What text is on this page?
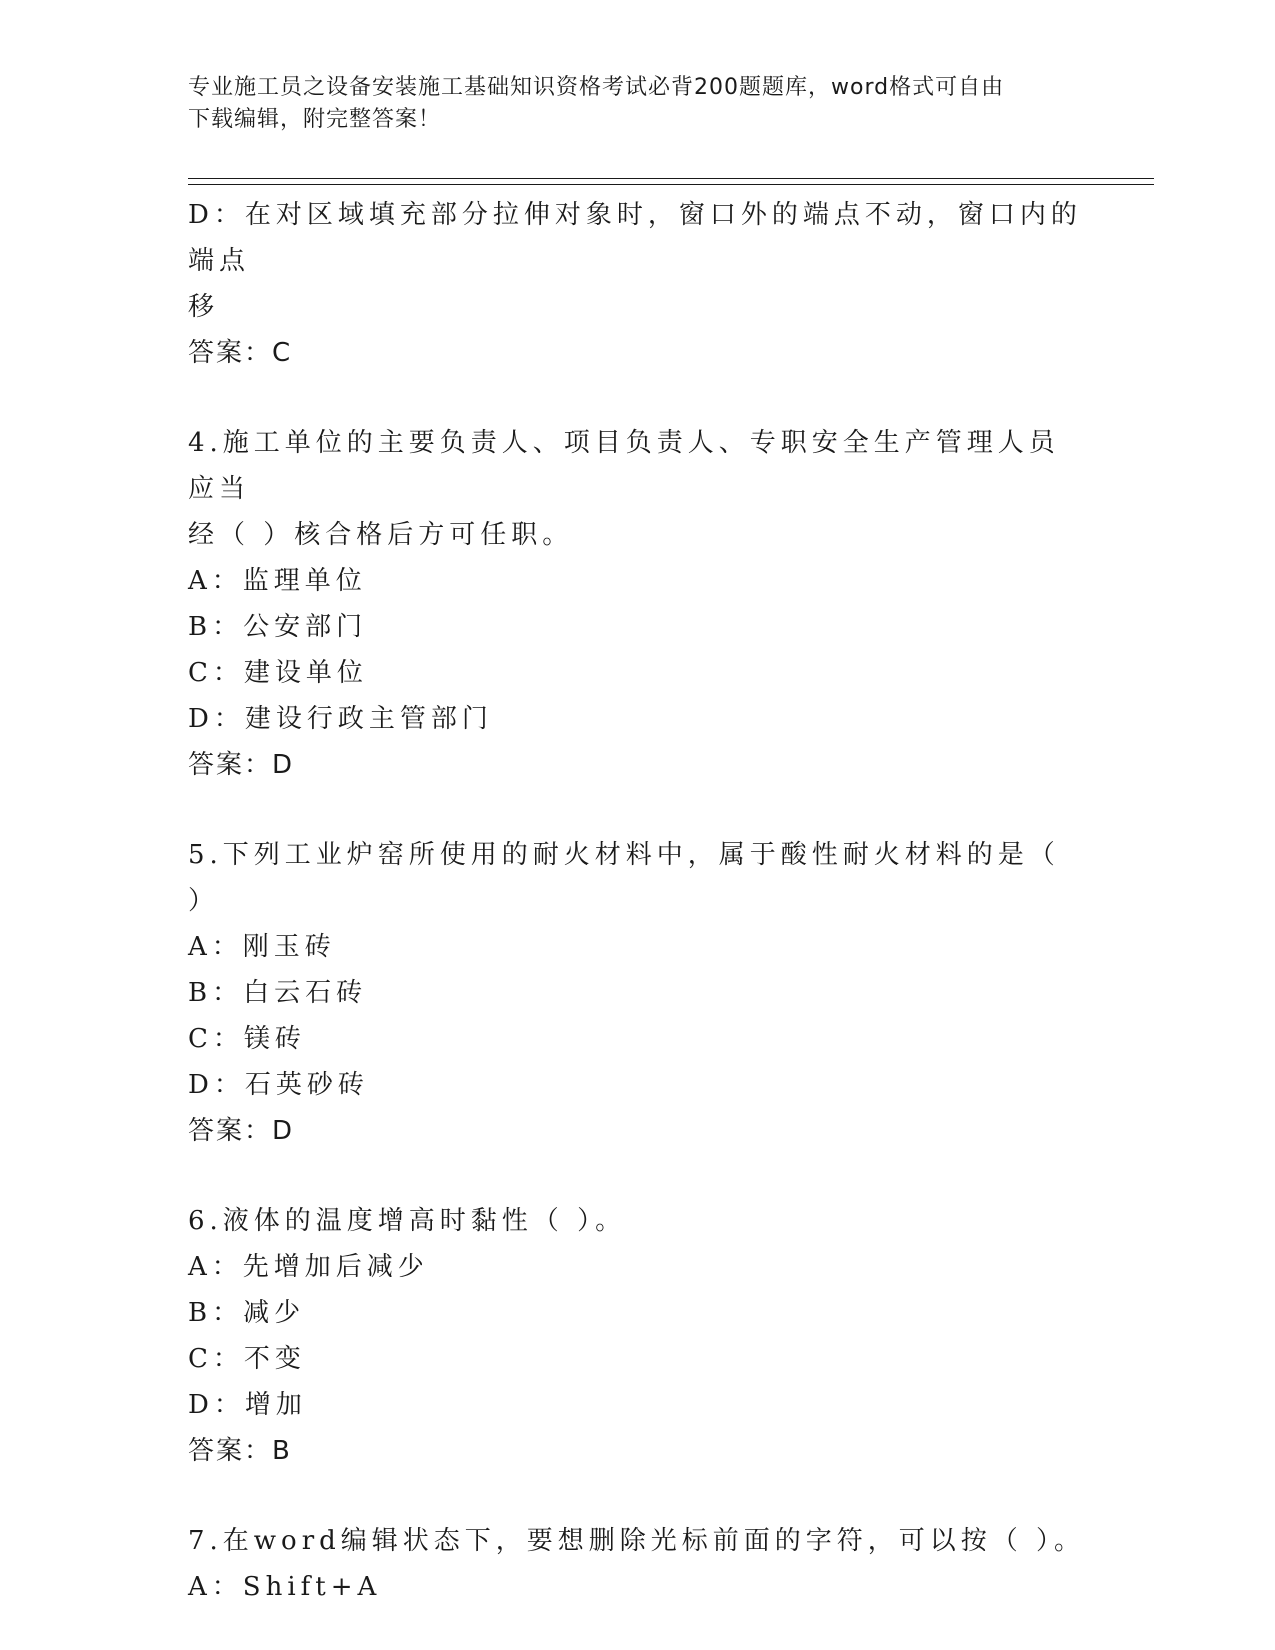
专业施工员之设备安装施工基础知识资格考试必背200题题库，word格式可自由
下载编辑，附完整答案！
D：在对区域填充部分拉伸对象时，窗口外的端点不动，窗口内的端点
移
答案：C
4.施工单位的主要负责人、项目负责人、专职安全生产管理人员应当
经（ ）核合格后方可任职。
A：监理单位
B：公安部门
C：建设单位
D：建设行政主管部门
答案：D
5.下列工业炉窑所使用的耐火材料中，属于酸性耐火材料的是（ ）
A：刚玉砖
B：白云石砖
C：镁砖
D：石英砂砖
答案：D
6.液体的温度增高时黏性（ ）。
A：先增加后减少
B：减少
C：不变
D：增加
答案：B
7.在word编辑状态下，要想删除光标前面的字符，可以按（ ）。
A：Shift+A
